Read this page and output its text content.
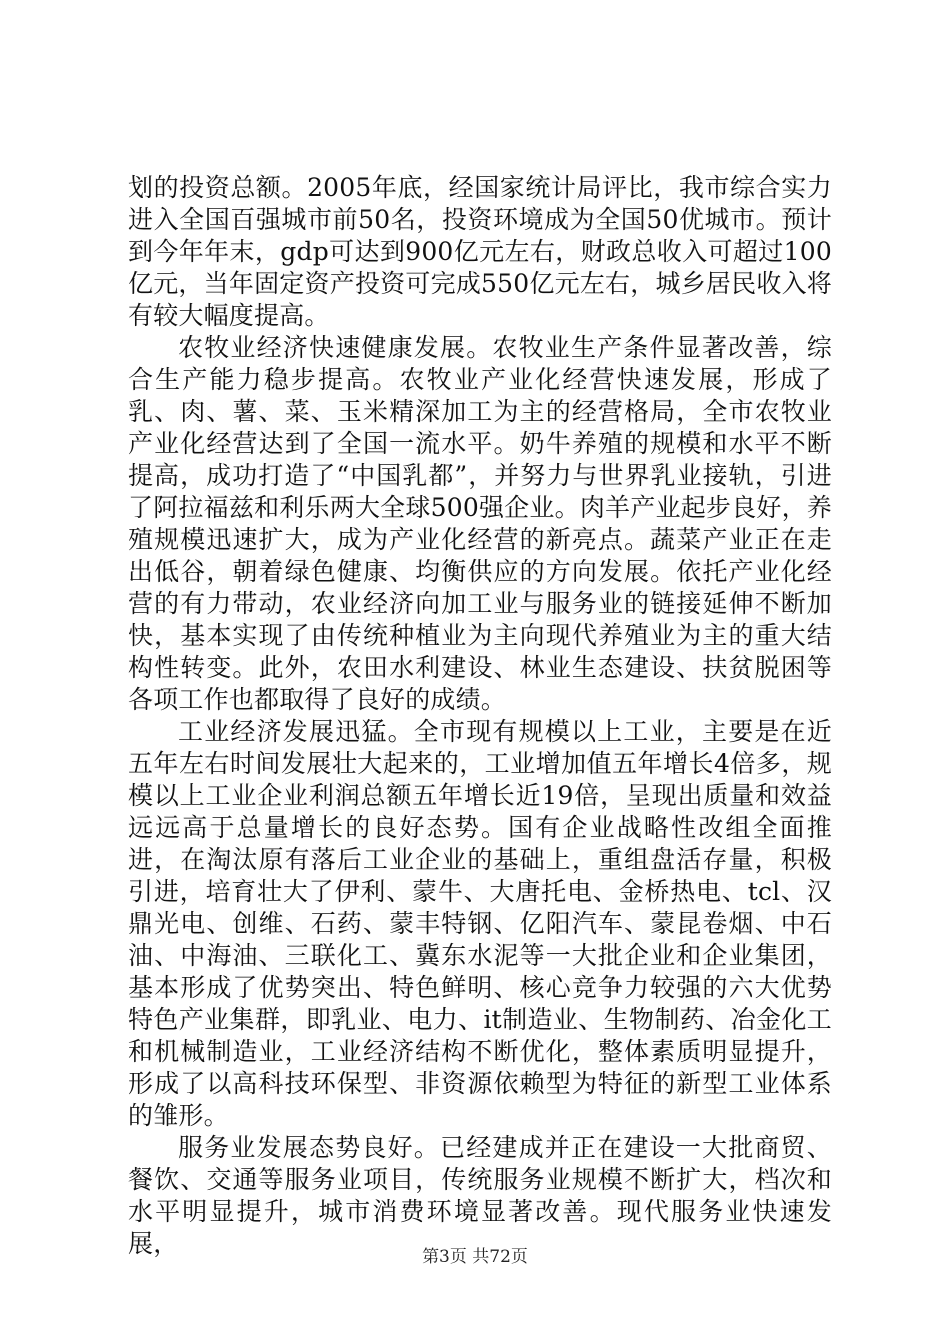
划的投资总额。2005年底，经国家统计局评比，我市综合实力进入全国百强城市前50名，投资环境成为全国50优城市。预计到今年年末，gdp可达到900亿元左右，财政总收入可超过100亿元，当年固定资产投资可完成550亿元左右，城乡居民收入将有较大幅度提高。

农牧业经济快速健康发展。农牧业生产条件显著改善，综合生产能力稳步提高。农牧业产业化经营快速发展，形成了乳、肉、薯、菜、玉米精深加工为主的经营格局，全市农牧业产业化经营达到了全国一流水平。奶牛养殖的规模和水平不断提高，成功打造了“中国乳都”，并努力与世界乳业接轨，引进了阿拉福兹和利乐两大全球500强企业。肉羊产业起步良好，养殖规模迅速扩大，成为产业化经营的新亮点。蔬菜产业正在走出低谷，朝着绿色健康、均衡供应的方向发展。依托产业化经营的有力带动，农业经济向加工业与服务业的链接延伸不断加快，基本实现了由传统种植业为主向现代养殖业为主的重大结构性转变。此外，农田水利建设、林业生态建设、扶贫脱困等各项工作也都取得了良好的成绩。

工业经济发展迅猛。全市现有规模以上工业，主要是在近五年左右时间发展壮大起来的，工业增加值五年增长4倍多，规模以上工业企业利润总额五年增长近19倍，呈现出质量和效益远远高于总量增长的良好态势。国有企业战略性改组全面推进，在淘汰原有落后工业企业的基础上，重组盘活存量，积极引进，培育壮大了伊利、蒙牛、大唐托电、金桥热电、tcl、汉鼎光电、创维、石药、蒙丰特钢、亿阳汽车、蒙昆卷烟、中石油、中海油、三联化工、冀东水泥等一大批企业和企业集团，基本形成了优势突出、特色鲜明、核心竞争力较强的六大优势特色产业集群，即乳业、电力、it制造业、生物制药、冶金化工和机械制造业，工业经济结构不断优化，整体素质明显提升，形成了以高科技环保型、非资源依赖型为特征的新型工业体系的雏形。

服务业发展态势良好。已经建成并正在建设一大批商贸、餐饮、交通等服务业项目，传统服务业规模不断扩大，档次和水平明显提升，城市消费环境显著改善。现代服务业快速发展，	第3页 共72页
